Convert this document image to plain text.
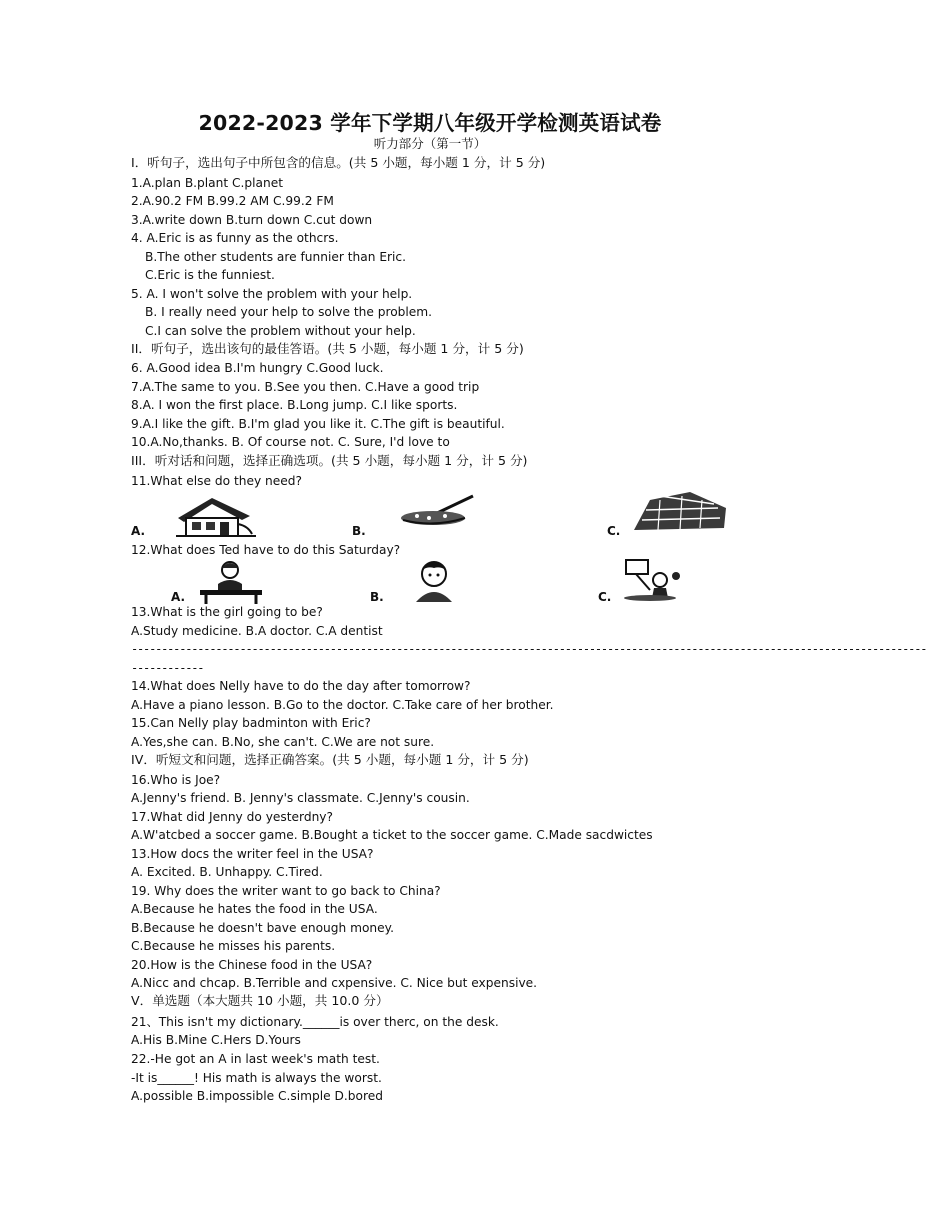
2022-2023 学年下学期八年级开学检测英语试卷
听力部分（第一节）
I．听句子，选出句子中所包含的信息。(共 5 小题，每小题 1 分，计 5 分)
1.A.plan B.plant C.planet
2.A.90.2 FM B.99.2 AM C.99.2 FM
3.A.write down B.turn down C.cut down
4. A.Eric is as funny as the othcrs.
B.The other students are funnier than Eric.
C.Eric is the funniest.
5. A. I won't solve the problem with your help.
B. I really need your help to solve the problem.
C.I can solve the problem without your help.
II．听句子，选出该句的最佳答语。(共 5 小题，每小题 1 分，计 5 分)
6. A.Good idea B.I'm hungry C.Good luck.
7.A.The same to you. B.See you then. C.Have a good trip
8.A. I won the first place. B.Long jump. C.I like sports.
9.A.I like the gift. B.I'm glad you like it. C.The gift is beautiful.
10.A.No,thanks. B. Of course not. C. Sure, I'd love to
III．听对话和问题，选择正确选项。(共 5 小题，每小题 1 分，计 5 分)
11.What else do they need?
A.	B.	C.
12.What does Ted have to do this Saturday?
A.	B.	C.
13.What is the girl going to be?
A.Study medicine. B.A doctor. C.A dentist
------------------------------------------------------------------------------------------------------------------------------------
------------
14.What does Nelly have to do the day after tomorrow?
A.Have a piano lesson. B.Go to the doctor. C.Take care of her brother.
15.Can Nelly play badminton with Eric?
A.Yes,she can. B.No, she can't. C.We are not sure.
IV．听短文和问题，选择正确答案。(共 5 小题，每小题 1 分，计 5 分)
16.Who is Joe?
A.Jenny's friend. B. Jenny's classmate. C.Jenny's cousin.
17.What did Jenny do yesterdny?
A.W'atcbed a soccer game. B.Bought a ticket to the soccer game. C.Made sacdwictes
13.How docs the writer feel in the USA?
A. Excited. B. Unhappy. C.Tired.
19. Why does the writer want to go back to China?
A.Because he hates the food in the USA.
B.Because he doesn't bave enough money.
C.Because he misses his parents.
20.How is the Chinese food in the USA?
A.Nicc and chcap. B.Terrible and cxpensive. C. Nice but expensive.
V．单选题（本大题共 10 小题，共 10.0 分）
21、This isn't my dictionary.______is over therc, on the desk.
A.His B.Mine C.Hers D.Yours
22.-He got an A in last week's math test.
-It is______! His math is always the worst.
A.possible B.impossible C.simple D.bored
